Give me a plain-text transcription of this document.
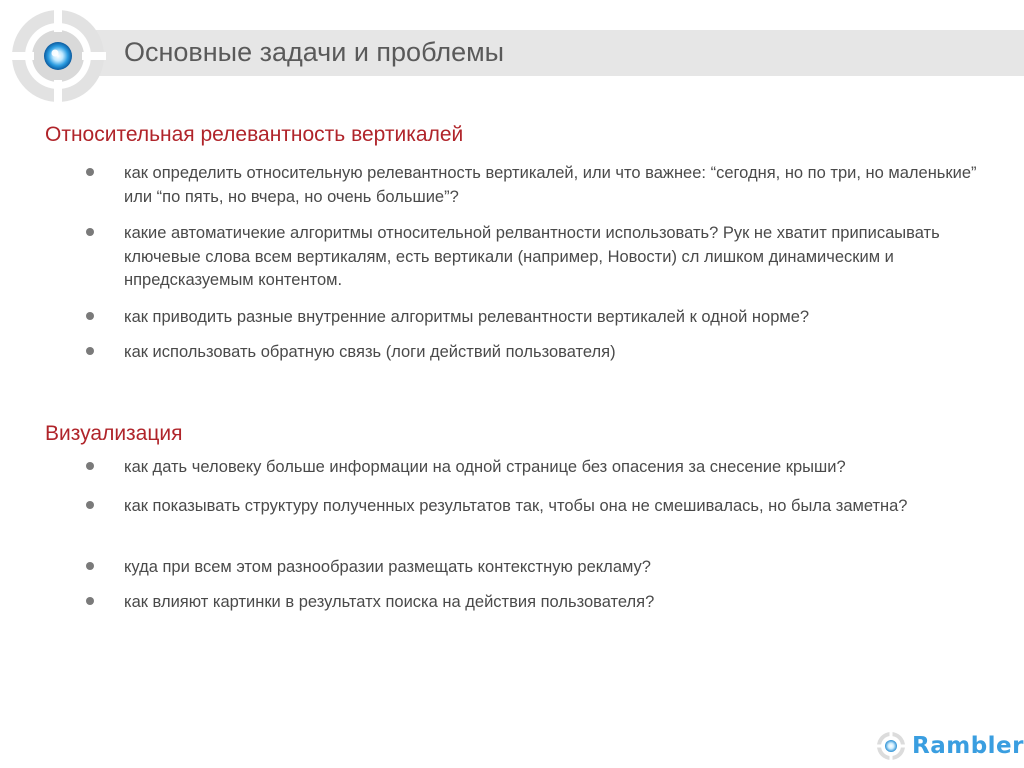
Основные задачи и проблемы
Относительная релевантность вертикалей
как определить относительную релевантность вертикалей, или что важнее: “сегодня, но по три, но маленькие” или “по пять, но вчера, но очень большие”?
какие автоматичекие алгоритмы относительной релвантности использовать? Рук не хватит приписаывать ключевые слова всем вертикалям, есть вертикали (например, Новости) сл лишком динамическим и нпредсказуемым контентом.
как приводить разные внутренние алгоритмы релевантности вертикалей к одной норме?
как использовать обратную связь (логи действий пользователя)
Визуализация
как дать человеку больше информации на одной странице без опасения за снесение крыши?
как показывать структуру полученных результатов так, чтобы она не смешивалась, но была заметна?
куда при всем этом разнообразии размещать контекстную рекламу?
как влияют картинки в результатх поиска на действия пользователя?
Rambler
